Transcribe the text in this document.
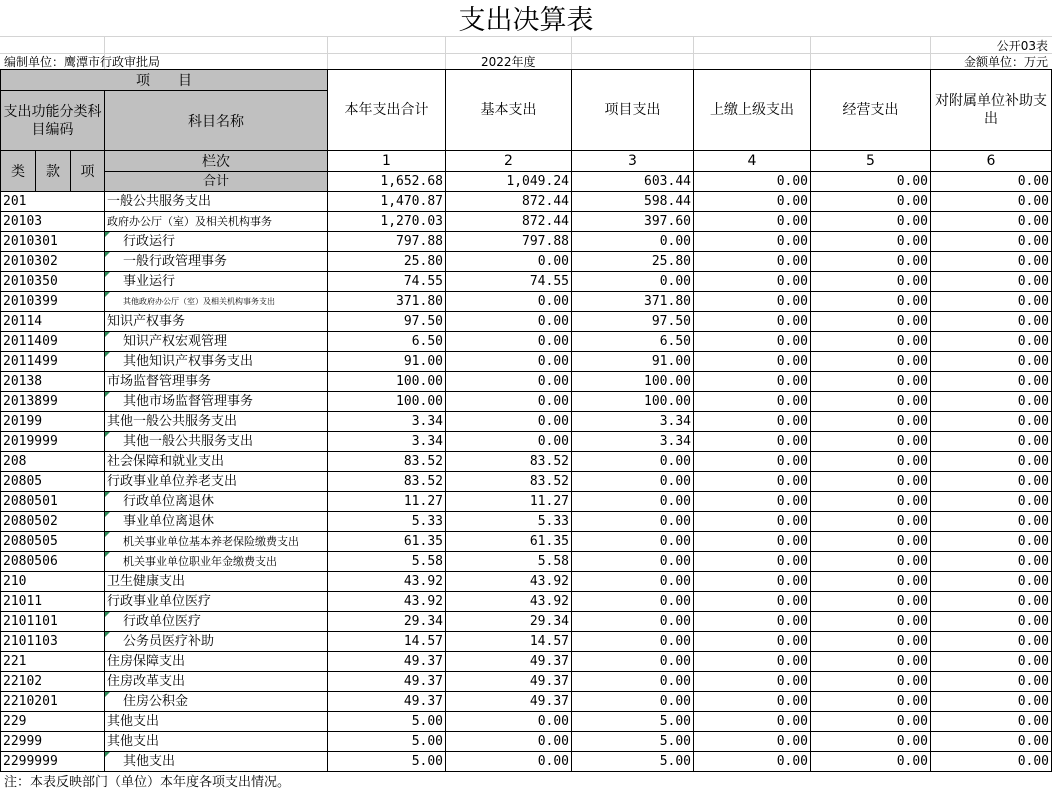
支出决算表
公开03表
编制单位：鹰潭市行政审批局	2022年度	金额单位：万元
项　　目				本年支出合计	基本支出	项目支出	上缴上级支出	经营支出	对附属单位补助支出
支出功能分类科目编码			科目名称						

类	款	项	栏次	1	2	3	4	5	6
			合计	1,652.68	1,049.24	603.44	0.00	0.00	0.00
201			一般公共服务支出	1,470.87	872.44	598.44	0.00	0.00	0.00
20103			政府办公厅（室）及相关机构事务	1,270.03	872.44	397.60	0.00	0.00	0.00
2010301			行政运行	797.88	797.88	0.00	0.00	0.00	0.00
2010302			一般行政管理事务	25.80	0.00	25.80	0.00	0.00	0.00
2010350			事业运行	74.55	74.55	0.00	0.00	0.00	0.00
2010399			其他政府办公厅（室）及相关机构事务支出	371.80	0.00	371.80	0.00	0.00	0.00
20114			知识产权事务	97.50	0.00	97.50	0.00	0.00	0.00
2011409			知识产权宏观管理	6.50	0.00	6.50	0.00	0.00	0.00
2011499			其他知识产权事务支出	91.00	0.00	91.00	0.00	0.00	0.00
20138			市场监督管理事务	100.00	0.00	100.00	0.00	0.00	0.00
2013899			其他市场监督管理事务	100.00	0.00	100.00	0.00	0.00	0.00
20199			其他一般公共服务支出	3.34	0.00	3.34	0.00	0.00	0.00
2019999			其他一般公共服务支出	3.34	0.00	3.34	0.00	0.00	0.00
208			社会保障和就业支出	83.52	83.52	0.00	0.00	0.00	0.00
20805			行政事业单位养老支出	83.52	83.52	0.00	0.00	0.00	0.00
2080501			行政单位离退休	11.27	11.27	0.00	0.00	0.00	0.00
2080502			事业单位离退休	5.33	5.33	0.00	0.00	0.00	0.00
2080505			机关事业单位基本养老保险缴费支出	61.35	61.35	0.00	0.00	0.00	0.00
2080506			机关事业单位职业年金缴费支出	5.58	5.58	0.00	0.00	0.00	0.00
210			卫生健康支出	43.92	43.92	0.00	0.00	0.00	0.00
21011			行政事业单位医疗	43.92	43.92	0.00	0.00	0.00	0.00
2101101			行政单位医疗	29.34	29.34	0.00	0.00	0.00	0.00
2101103			公务员医疗补助	14.57	14.57	0.00	0.00	0.00	0.00
221			住房保障支出	49.37	49.37	0.00	0.00	0.00	0.00
22102			住房改革支出	49.37	49.37	0.00	0.00	0.00	0.00
2210201			住房公积金	49.37	49.37	0.00	0.00	0.00	0.00
229			其他支出	5.00	0.00	5.00	0.00	0.00	0.00
22999			其他支出	5.00	0.00	5.00	0.00	0.00	0.00
2299999			其他支出	5.00	0.00	5.00	0.00	0.00	0.00
注：本表反映部门（单位）本年度各项支出情况。
